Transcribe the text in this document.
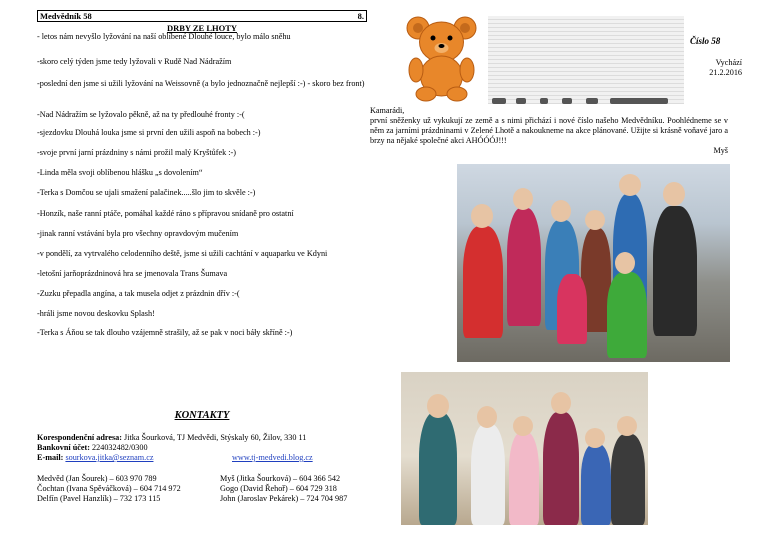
Medvědník 58	8.
DRBY ZE LHOTY
- letos nám nevyšlo lyžování na naší oblíbené Dlouhé louce, bylo málo sněhu
-skoro celý týden jsme tedy lyžovali v Rudě Nad Nádražím
-poslední den jsme si užili lyžování na Weissovně (a bylo jednoznačně nejlepší :-) - skoro bez front)
-Nad Nádražím se lyžovalo pěkně, až na ty předlouhé fronty :-(
-sjezdovku Dlouhá louka jsme si první den užili aspoň na bobech :-)
-svoje první jarní prázdniny s námi prožil malý Kryštůfek :-)
-Linda měla svoji oblíbenou hlášku „s dovolením“
-Terka s Domčou se ujali smažení palačinek.....šlo jim to skvěle :-)
-Honzík, naše ranní ptáče, pomáhal každé ráno s přípravou snídaně pro ostatní
-jinak ranní vstávání byla pro všechny opravdovým mučením
-v pondělí, za vytrvalého celodenního deště, jsme si užili cachtání v aquaparku ve Kdyni
-letošní jarňoprázdninová hra se jmenovala Trans Šumava
-Zuzku přepadla angína, a tak musela odjet z prázdnin dřív :-(
-hráli jsme novou deskovku Splash!
-Terka s Áňou se tak dlouho vzájemně strašily, až se pak v noci báły skříně :-)
KONTAKTY
Korespondenční adresa: Jitka Šourková, TJ Medvědi, Stýskaly 60, Žilov, 330 11
Bankovní účet: 224032482/0300
E-mail: sourkova.jitka@seznam.cz	www.tj-medvedi.blog.cz
Medvěd (Jan Šourek) – 603 970 789
Čochtan (Ivana Spěváčková) – 604 714 972
Delfín (Pavel Hanzlík) – 732 173 115
Myš (Jitka Šourková) – 604 366 542
Gogo (David Řehoř) – 604 729 318
John (Jaroslav Pekárek) – 724 704 987
Číslo 58
Vychází
21.2.2016
Kamarádi,
první sněženky už vykukují ze země a s nimi přichází i nové číslo našeho Medvědníku. Poohlédneme se v něm za jarními prázdninami v Zelené Lhotě a nakoukneme na akce plánované. Užijte si krásně voňavé jaro a brzy na nějaké společné akci AHÓÓÓJ!!!
Myš
